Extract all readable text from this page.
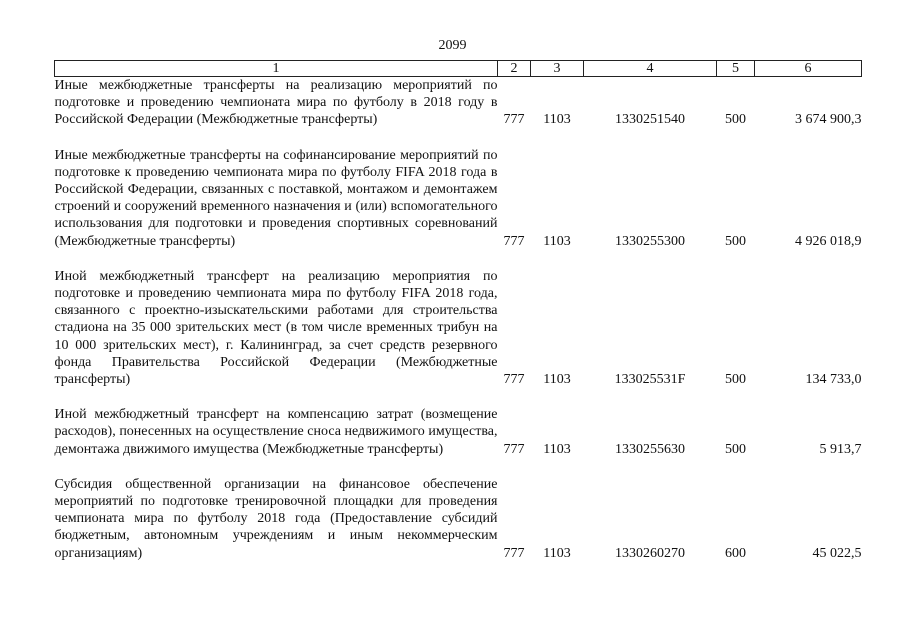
2099
1	2	3	4	5	6
Иные межбюджетные трансферты на реализацию мероприятий по подготовке и проведению чемпионата мира по футболу в 2018 году в Российской Федерации (Межбюджетные трансферты)	777	1103	1330251540	500	3 674 900,3

Иные межбюджетные трансферты на софинансирование мероприятий по подготовке к проведению чемпионата мира по футболу FIFA 2018 года в Российской Федерации, связанных с поставкой, монтажом и демонтажем строений и сооружений временного назначения и (или) вспомогательного использования для подготовки и проведения спортивных соревнований (Межбюджетные трансферты)	777	1103	1330255300	500	4 926 018,9

Иной межбюджетный трансферт на реализацию мероприятия по подготовке и проведению чемпионата мира по футболу FIFA 2018 года, связанного с проектно-изыскательскими работами для строительства стадиона на 35 000 зрительских мест (в том числе временных трибун на 10 000 зрительских мест), г. Калининград, за счет средств резервного фонда Правительства Российской Федерации (Межбюджетные трансферты)	777	1103	133025531F	500	134 733,0

Иной межбюджетный трансферт на компенсацию затрат (возмещение расходов), понесенных на осуществление сноса недвижимого имущества, демонтажа движимого имущества (Межбюджетные трансферты)	777	1103	1330255630	500	5 913,7

Субсидия общественной организации на финансовое обеспечение мероприятий по подготовке тренировочной площадки для проведения чемпионата мира по футболу 2018 года (Предоставление субсидий бюджетным, автономным учреждениям и иным некоммерческим организациям)	777	1103	1330260270	600	45 022,5
